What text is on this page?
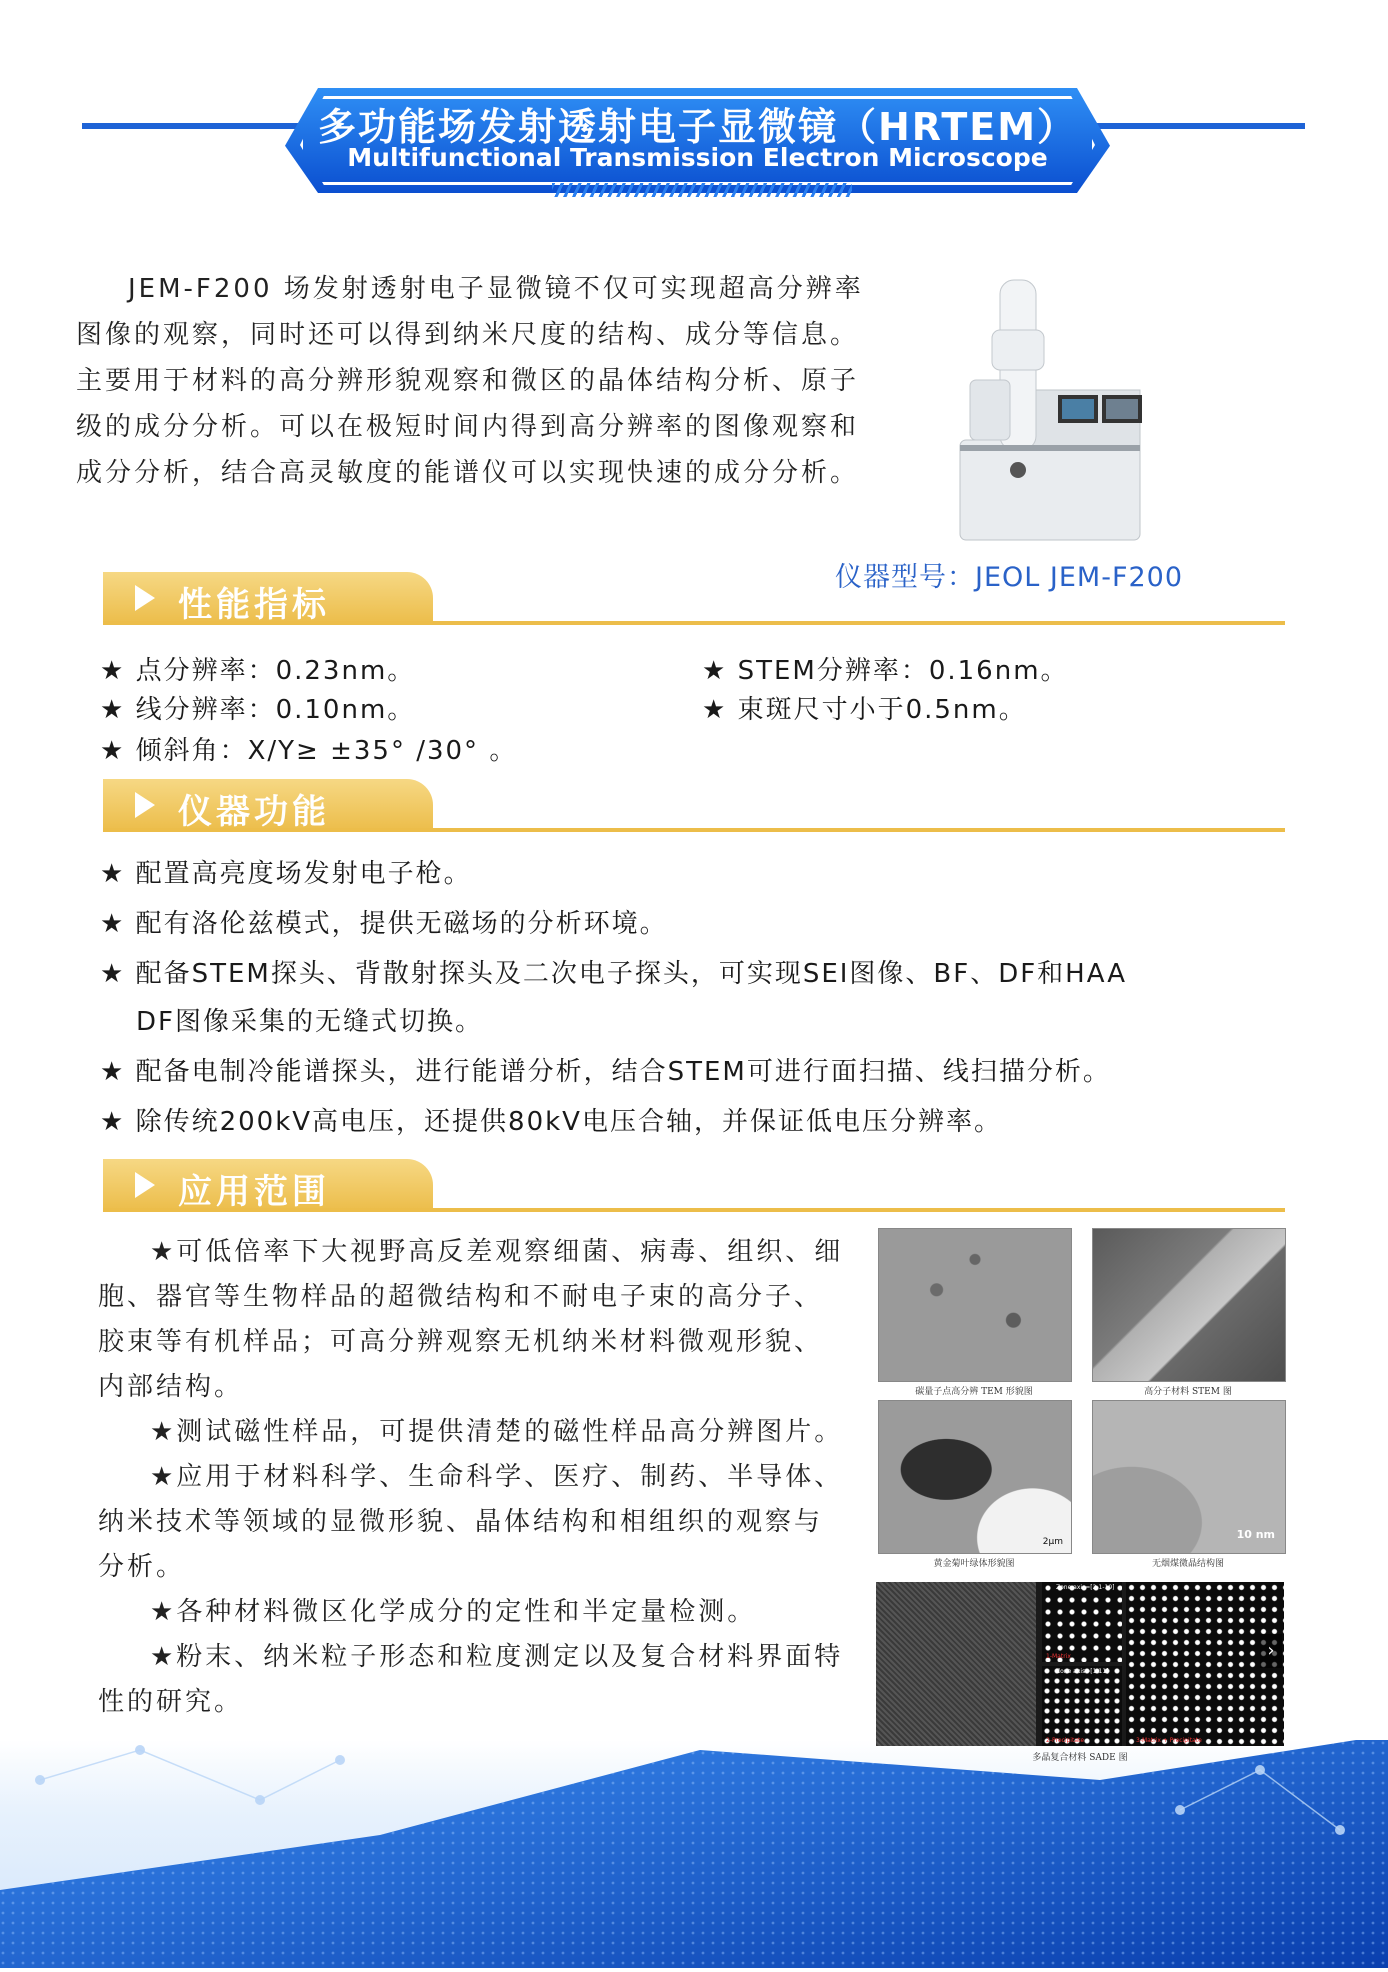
多功能场发射透射电子显微镜（HRTEM）
Multifunctional Transmission Electron Microscope

JEM-F200 场发射透射电子显微镜不仅可实现超高分辨率图像的观察，同时还可以得到纳米尺度的结构、成分等信息。主要用于材料的高分辨形貌观察和微区的晶体结构分析、原子级的成分分析。可以在极短时间内得到高分辨率的图像观察和成分分析，结合高灵敏度的能谱仪可以实现快速的成分分析。

仪器型号：JEOL JEM-F200
性能指标
★ 点分辨率：0.23nm。
★ 线分辨率：0.10nm。
★ 倾斜角：X/Y≥ ±35° /30° 。
★ STEM分辨率：0.16nm。
★ 束斑尺寸小于0.5nm。
仪器功能
★ 配置高亮度场发射电子枪。
★ 配有洛伦兹模式，提供无磁场的分析环境。
★ 配备STEM探头、背散射探头及二次电子探头，可实现SEI图像、BF、DF和HAA
DF图像采集的无缝式切换。
★ 配备电制冷能谱探头，进行能谱分析，结合STEM可进行面扫描、线扫描分析。
★ 除传统200kV高电压，还提供80kV电压合轴，并保证低电压分辨率。
应用范围

★可低倍率下大视野高反差观察细菌、病毒、组织、细胞、器官等生物样品的超微结构和不耐电子束的高分子、胶束等有机样品；可高分辨观察无机纳米材料微观形貌、内部结构。

★测试磁性样品，可提供清楚的磁性样品高分辨图片。

★应用于材料科学、生命科学、医疗、制药、半导体、纳米技术等领域的显微形貌、晶体结构和相组织的观察与分析。

★各种材料微区化学成分的定性和半定量检测。

★粉末、纳米粒子形态和粒度测定以及复合材料界面特性的研究。

碳量子点高分辨 TEM 形貌图	高分子材料 STEM 图
2μm
黄金菊叶绿体形貌图
10 nm
无烟煤微晶结构图
Zone axis=[2-1-10]
1-Matrix
Zone axis=[1-11]
2-Precipitate	3-Matrix + Precipitate
›
多晶复合材料 SADE 图
